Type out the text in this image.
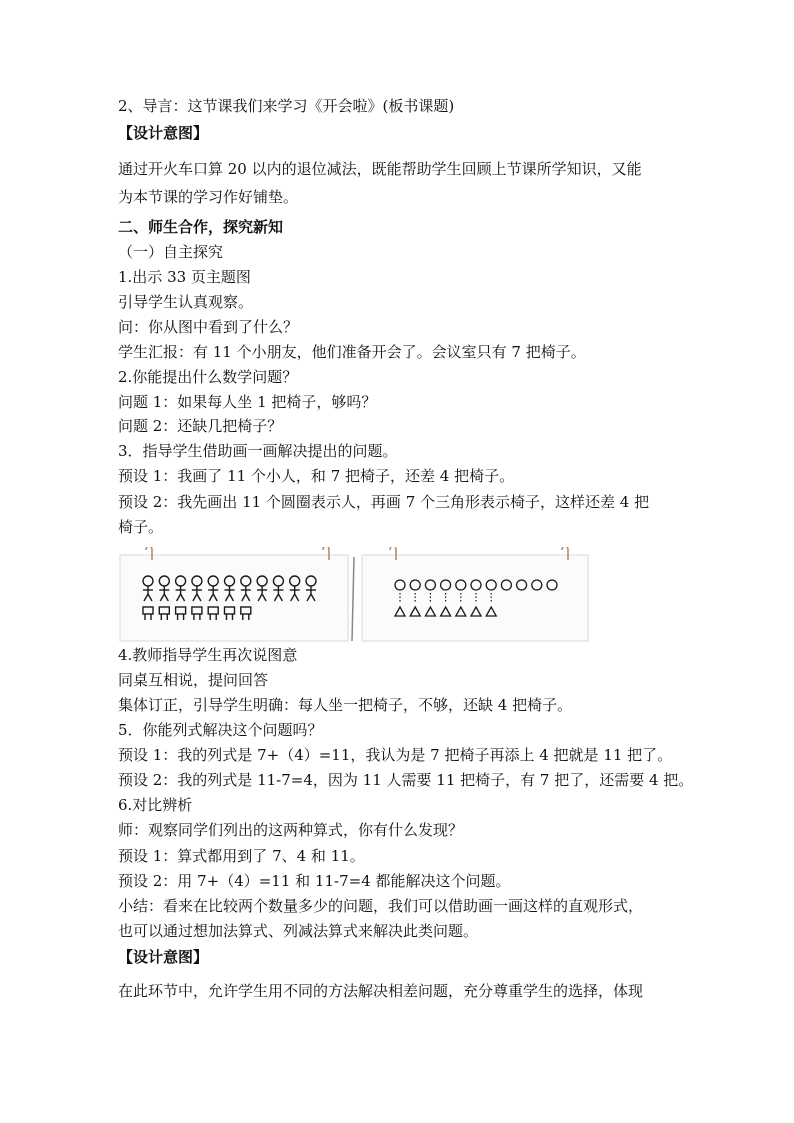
2、导言：这节课我们来学习《开会啦》(板书课题)
【设计意图】
通过开火车口算 20 以内的退位减法，既能帮助学生回顾上节课所学知识，又能
为本节课的学习作好铺垫。
二、师生合作，探究新知
（一）自主探究
1.出示 33 页主题图
引导学生认真观察。
问：你从图中看到了什么？
学生汇报：有 11 个小朋友，他们准备开会了。会议室只有 7 把椅子。
2.你能提出什么数学问题？
问题 1：如果每人坐 1 把椅子，够吗？
问题 2：还缺几把椅子？
3．指导学生借助画一画解决提出的问题。
预设 1：我画了 11 个小人，和 7 把椅子，还差 4 把椅子。
预设 2：我先画出 11 个圆圈表示人，再画 7 个三角形表示椅子，这样还差 4 把
椅子。
4.教师指导学生再次说图意
同桌互相说，提问回答
集体订正，引导学生明确：每人坐一把椅子，不够，还缺 4 把椅子。
5．你能列式解决这个问题吗？
预设 1：我的列式是 7+（4）=11，我认为是 7 把椅子再添上 4 把就是 11 把了。
预设 2：我的列式是 11-7=4，因为 11 人需要 11 把椅子，有 7 把了，还需要 4 把。
6.对比辨析
师：观察同学们列出的这两种算式，你有什么发现？
预设 1：算式都用到了 7、4 和 11。
预设 2：用 7+（4）=11 和 11-7=4 都能解决这个问题。
小结：看来在比较两个数量多少的问题，我们可以借助画一画这样的直观形式，
也可以通过想加法算式、列减法算式来解决此类问题。
【设计意图】
在此环节中，允许学生用不同的方法解决相差问题，充分尊重学生的选择，体现
